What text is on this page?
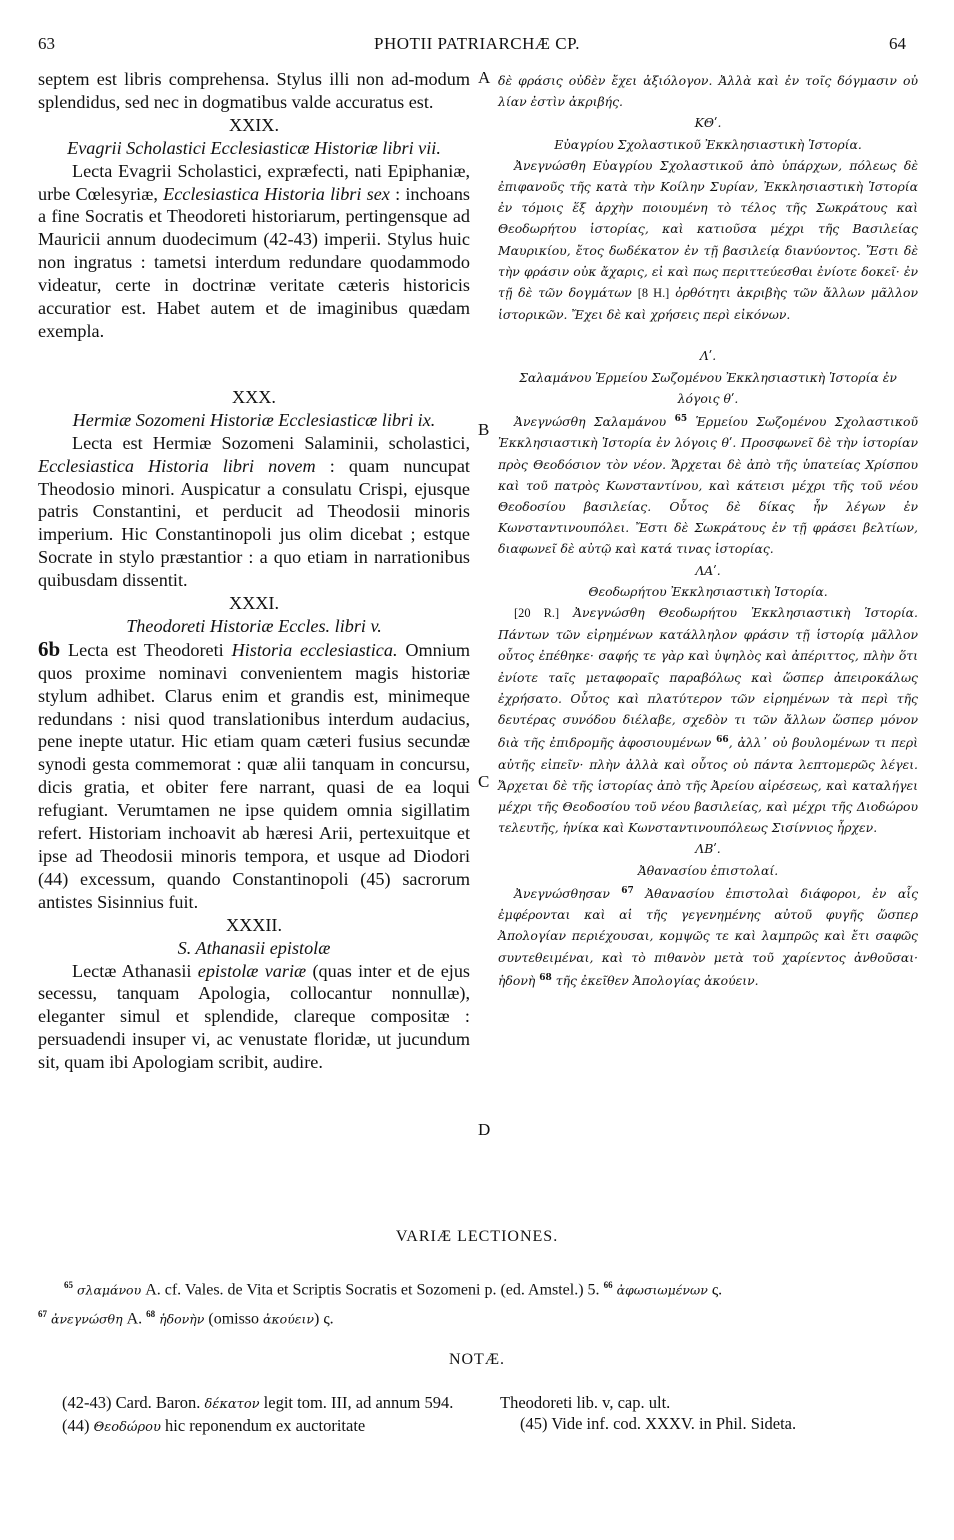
63	PHOTII PATRIARCHÆ CP.	64
A
B
C
D

septem est libris comprehensa. Stylus illi non ad-modum splendidus, sed nec in dogmatibus valde accuratus est.

XXIX.

Evagrii Scholastici Ecclesiasticæ Historiæ libri vii.

Lecta Evagrii Scholastici, expræfecti, nati Epiphaniæ, urbe Cœlesyriæ, Ecclesiastica Historia libri sex : inchoans a fine Socratis et Theodoreti historiarum, pertingensque ad Mauricii annum duodecimum (42-43) imperii. Stylus huic non ingratus : tametsi interdum redundare quodammodo videatur, certe in doctrinæ veritate cæteris historicis accuratior est. Habet autem et de imaginibus quædam exempla.

XXX.

Hermiæ Sozomeni Historiæ Ecclesiasticæ libri ix.

Lecta est Hermiæ Sozomeni Salaminii, scholastici, Ecclesiastica Historia libri novem : quam nuncupat Theodosio minori. Auspicatur a consulatu Crispi, ejusque patris Constantini, et perducit ad Theodosii minoris imperium. Hic Constantinopoli jus olim dicebat ; estque Socrate in stylo præstantior : a quo etiam in narrationibus quibusdam dissentit.

XXXI.

Theodoreti Historiæ Eccles. libri v.

6b Lecta est Theodoreti Historia ecclesiastica. Omnium quos proxime nominavi convenientem magis historiæ stylum adhibet. Clarus enim et grandis est, minimeque redundans : nisi quod translationibus interdum audacius, pene inepte utatur. Hic etiam quam cæteri fusius secundæ synodi gesta commemorat : quæ alii tanquam in concursu, dicis gratia, et obiter fere narrant, quasi de ea loqui refugiant. Verumtamen ne ipse quidem omnia sigillatim refert. Historiam inchoavit ab hæresi Arii, pertexuitque et ipse ad Theodosii minoris tempora, et usque ad Diodori (44) excessum, quando Constantinopoli (45) sacrorum antistes Sisinnius fuit.

XXXII.

S. Athanasii epistolæ

Lectæ Athanasii epistolæ variæ (quas inter et de ejus secessu, tanquam Apologia, collocantur nonnullæ), eleganter simul et splendide, clareque compositæ : persuadendi insuper vi, ac venustate floridæ, ut jucundum sit, quam ibi Apologiam scribit, audire.

δὲ φράσις οὐδὲν ἔχει ἀξιόλογον. Ἀλλὰ καὶ ἐν τοῖς δόγμασιν οὐ λίαν ἐστὶν ἀκριβής.

ΚΘʹ.

Εὐαγρίου Σχολαστικοῦ Ἐκκλησιαστικὴ Ἱστορία.

Ἀνεγνώσθη Εὐαγρίου Σχολαστικοῦ ἀπὸ ὑπάρχων, πόλεως δὲ ἐπιφανοῦς τῆς κατὰ τὴν Κοίλην Συρίαν, Ἐκκλησιαστικὴ Ἱστορία ἐν τόμοις ἕξ ἀρχὴν ποιουμένη τὸ τέλος τῆς Σωκράτους καὶ Θεοδωρήτου ἱστορίας, καὶ κατιοῦσα μέχρι τῆς Βασιλείας Μαυρικίου, ἔτος δωδέκατον ἐν τῇ βασιλείᾳ διανύοντος. Ἔστι δὲ τὴν φράσιν οὐκ ἄχαρις, εἰ καὶ πως περιττεύεσθαι ἐνίοτε δοκεῖ· ἐν τῇ δὲ τῶν δογμάτων [8 H.] ὀρθότητι ἀκριβὴς τῶν ἄλλων μᾶλλον ἱστορικῶν. Ἔχει δὲ καὶ χρήσεις περὶ εἰκόνων.

Λʹ.

Σαλαμάνου Ἑρμείου Σωζομένου Ἐκκλησιαστικὴ Ἱστορία ἐν λόγοις θʹ.

Ἀνεγνώσθη Σαλαμάνου $^{65}$ Ἑρμείου Σωζομένου Σχολαστικοῦ Ἐκκλησιαστικὴ Ἱστορία ἐν λόγοις θʹ. Προσφωνεῖ δὲ τὴν ἱστορίαν πρὸς Θεοδόσιον τὸν νέον. Ἄρχεται δὲ ἀπὸ τῆς ὑπατείας Χρίσπου καὶ τοῦ πατρὸς Κωνσταντίνου, καὶ κάτεισι μέχρι τῆς τοῦ νέου Θεοδοσίου βασιλείας. Οὗτος δὲ δίκας ἦν λέγων ἐν Κωνσταντινουπόλει. Ἔστι δὲ Σωκράτους ἐν τῇ φράσει βελτίων, διαφωνεῖ δὲ αὐτῷ καὶ κατά τινας ἱστορίας.

ΛΑʹ.

Θεοδωρήτου Ἐκκλησιαστικὴ Ἱστορία.

[20 R.] Ἀνεγνώσθη Θεοδωρήτου Ἐκκλησιαστικὴ Ἱστορία. Πάντων τῶν εἰρημένων κατάλληλον φράσιν τῇ ἱστορίᾳ μᾶλλον οὗτος ἐπέθηκε· σαφής τε γὰρ καὶ ὑψηλὸς καὶ ἀπέριττος, πλὴν ὅτι ἐνίοτε ταῖς μεταφοραῖς παραβόλως καὶ ὥσπερ ἀπειροκάλως ἐχρήσατο. Οὗτος καὶ πλατύτερον τῶν εἰρημένων τὰ περὶ τῆς δευτέρας συνόδου διέλαβε, σχεδὸν τι τῶν ἄλλων ὥσπερ μόνον διὰ τῆς ἐπιδρομῆς ἀφοσιουμένων $^{66}$, ἀλλ᾽ οὐ βουλομένων τι περὶ αὐτῆς εἰπεῖν· πλὴν ἀλλὰ καὶ οὗτος οὐ πάντα λεπτομερῶς λέγει. Ἄρχεται δὲ τῆς ἱστορίας ἀπὸ τῆς Ἀρείου αἱρέσεως, καὶ καταλήγει μέχρι τῆς Θεοδοσίου τοῦ νέου βασιλείας, καὶ μέχρι τῆς Διοδώρου τελευτῆς, ἡνίκα καὶ Κωνσταντινουπόλεως Σισίννιος ἦρχεν.

ΛΒʹ.

Ἀθανασίου ἐπιστολαί.

Ἀνεγνώσθησαν $^{67}$ Ἀθανασίου ἐπιστολαὶ διάφοροι, ἐν αἷς ἐμφέρονται καὶ αἱ τῆς γεγενημένης αὐτοῦ φυγῆς ὥσπερ Ἀπολογίαν περιέχουσαι, κομψῶς τε καὶ λαμπρῶς καὶ ἔτι σαφῶς συντεθειμέναι, καὶ τὸ πιθανὸν μετὰ τοῦ χαρίεντος ἀνθοῦσαι· ἡδονὴ $^{68}$ τῆς ἐκεῖθεν Ἀπολογίας ἀκούειν.

VARIÆ LECTIONES.

$^{65}$ σλαμάνου A. cf. Vales. de Vita et Scriptis Socratis et Sozomeni p. (ed. Amstel.) 5. $^{66}$ ἀφωσιωμένων ς.

$^{67}$ ἀνεγνώσθη A. $^{68}$ ἡδονὴν (omisso ἀκούειν) ς.

NOTÆ.

(42-43) Card. Baron. δέκατον legit tom. III, ad annum 594.

(44) Θεοδώρου hic reponendum ex auctoritate

Theodoreti lib. v, cap. ult.

(45) Vide inf. cod. XXXV. in Phil. Sideta.
